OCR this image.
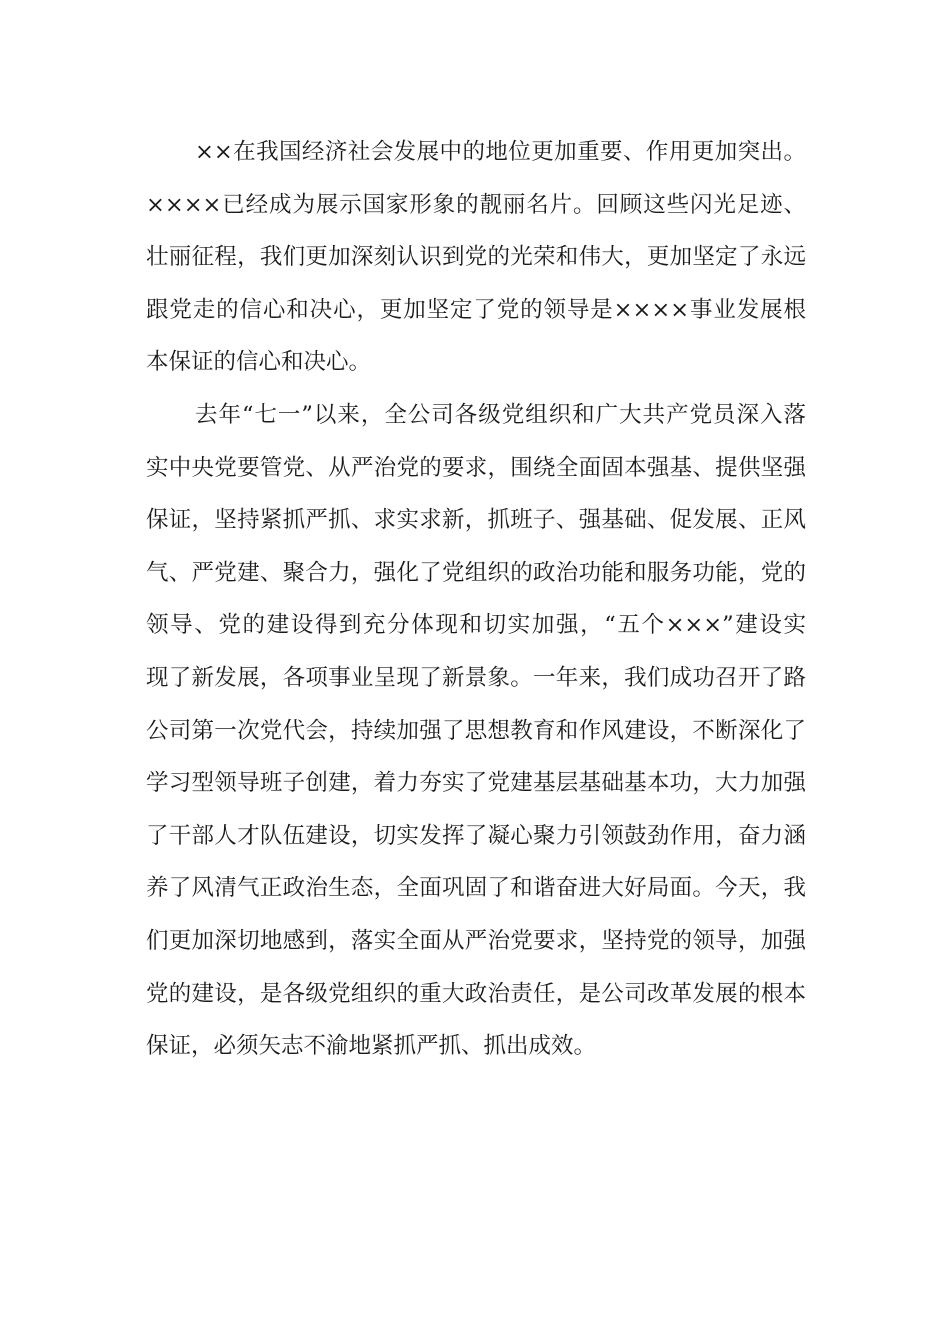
××在我国经济社会发展中的地位更加重要、作用更加突出。
××××已经成为展示国家形象的靓丽名片。回顾这些闪光足迹、
壮丽征程，我们更加深刻认识到党的光荣和伟大，更加坚定了永远
跟党走的信心和决心，更加坚定了党的领导是××××事业发展根
本保证的信心和决心。
去年“七一”以来，全公司各级党组织和广大共产党员深入落
实中央党要管党、从严治党的要求，围绕全面固本强基、提供坚强
保证，坚持紧抓严抓、求实求新，抓班子、强基础、促发展、正风
气、严党建、聚合力，强化了党组织的政治功能和服务功能，党的
领导、党的建设得到充分体现和切实加强，“五个×××”建设实
现了新发展，各项事业呈现了新景象。一年来，我们成功召开了路
公司第一次党代会，持续加强了思想教育和作风建设，不断深化了
学习型领导班子创建，着力夯实了党建基层基础基本功，大力加强
了干部人才队伍建设，切实发挥了凝心聚力引领鼓劲作用，奋力涵
养了风清气正政治生态，全面巩固了和谐奋进大好局面。今天，我
们更加深切地感到，落实全面从严治党要求，坚持党的领导，加强
党的建设，是各级党组织的重大政治责任，是公司改革发展的根本
保证，必须矢志不渝地紧抓严抓、抓出成效。
